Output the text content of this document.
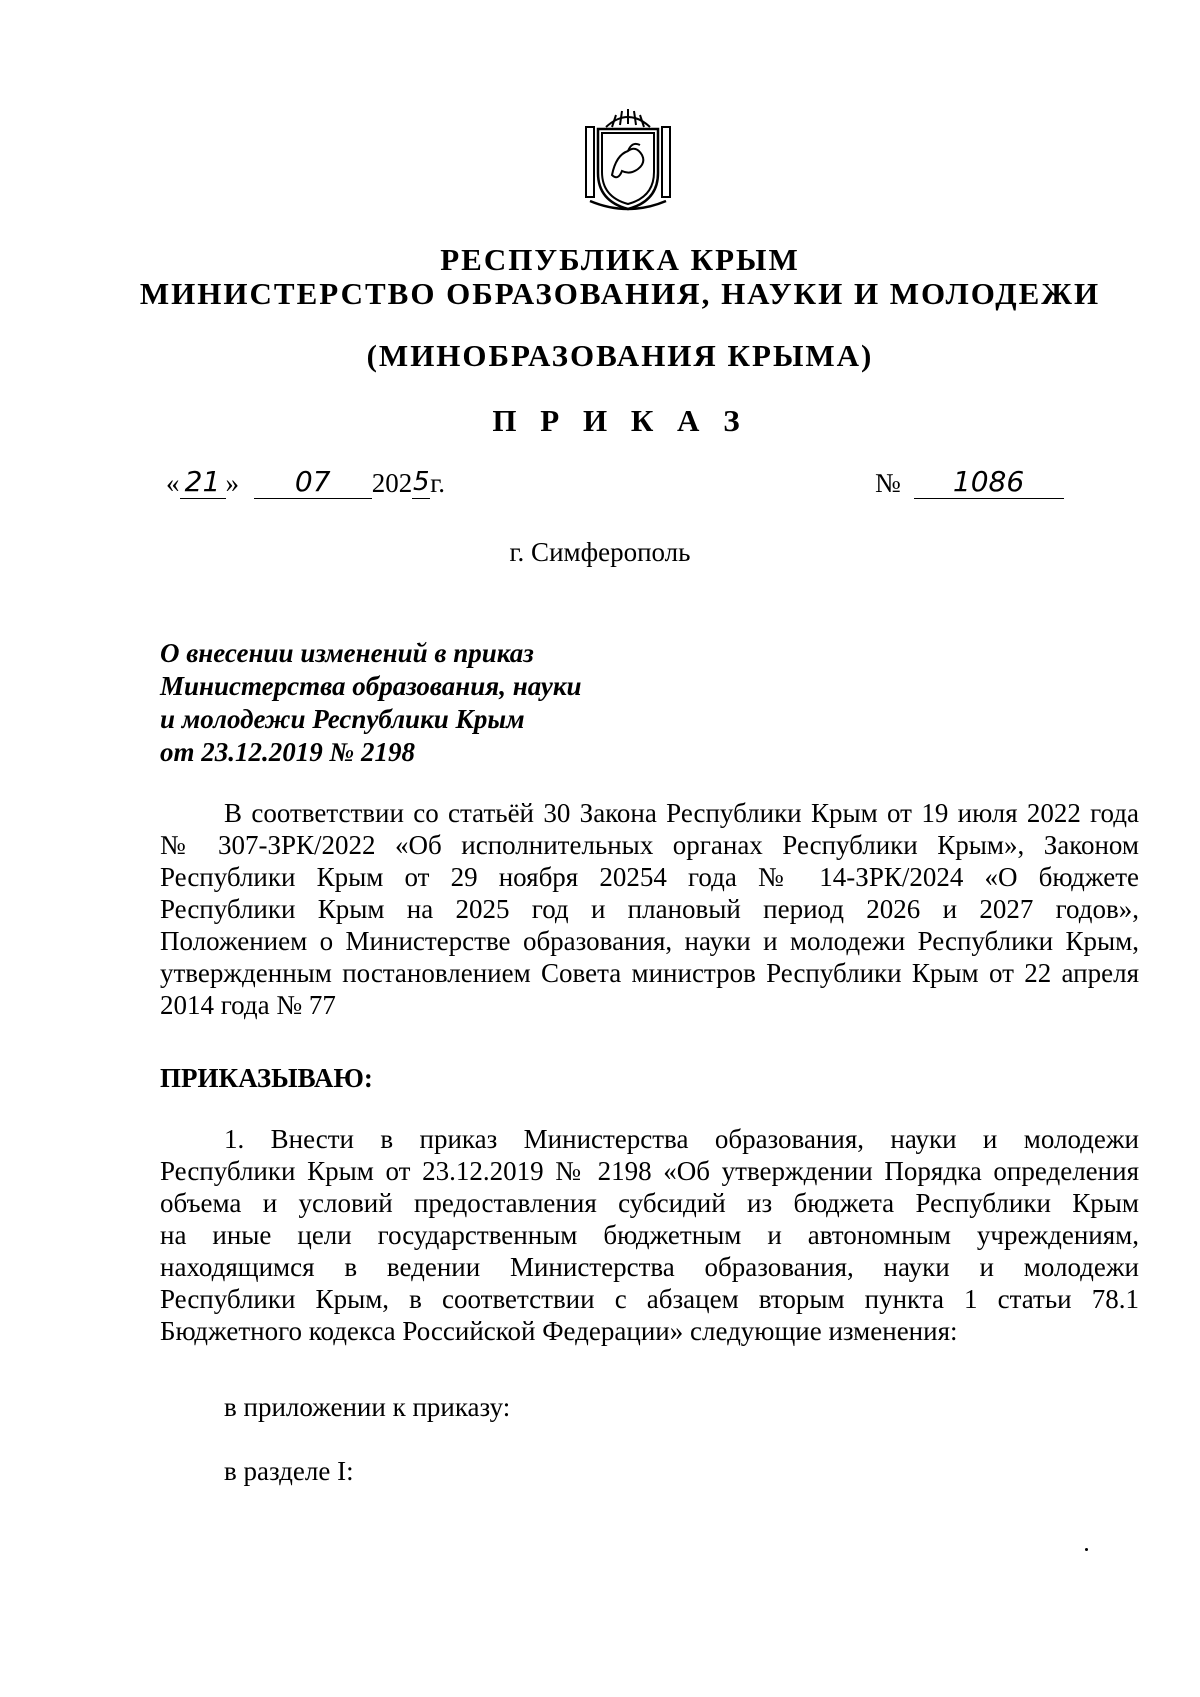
РЕСПУБЛИКА КРЫМ
МИНИСТЕРСТВО ОБРАЗОВАНИЯ, НАУКИ И МОЛОДЕЖИ
(МИНОБРАЗОВАНИЯ КРЫМА)
П Р И К А З
« 21 » 07 2025г.	№ 1086
г. Симферополь
О внесении изменений в приказ
Министерства образования, науки
и молодежи Республики Крым
от 23.12.2019 № 2198
В соответствии со статьёй 30 Закона Республики Крым от 19 июля 2022 года
№ 307-ЗРК/2022 «Об исполнительных органах Республики Крым», Законом
Республики Крым от 29 ноября 20254 года № 14-ЗРК/2024 «О бюджете
Республики Крым на 2025 год и плановый период 2026 и 2027 годов»,
Положением о Министерстве образования, науки и молодежи Республики Крым,
утвержденным постановлением Совета министров Республики Крым от 22 апреля
2014 года № 77
ПРИКАЗЫВАЮ:
1. Внести в приказ Министерства образования, науки и молодежи
Республики Крым от 23.12.2019 № 2198 «Об утверждении Порядка определения
объема и условий предоставления субсидий из бюджета Республики Крым
на иные цели государственным бюджетным и автономным учреждениям,
находящимся в ведении Министерства образования, науки и молодежи
Республики Крым, в соответствии с абзацем вторым пункта 1 статьи 78.1
Бюджетного кодекса Российской Федерации» следующие изменения:
в приложении к приказу:
в разделе I:
